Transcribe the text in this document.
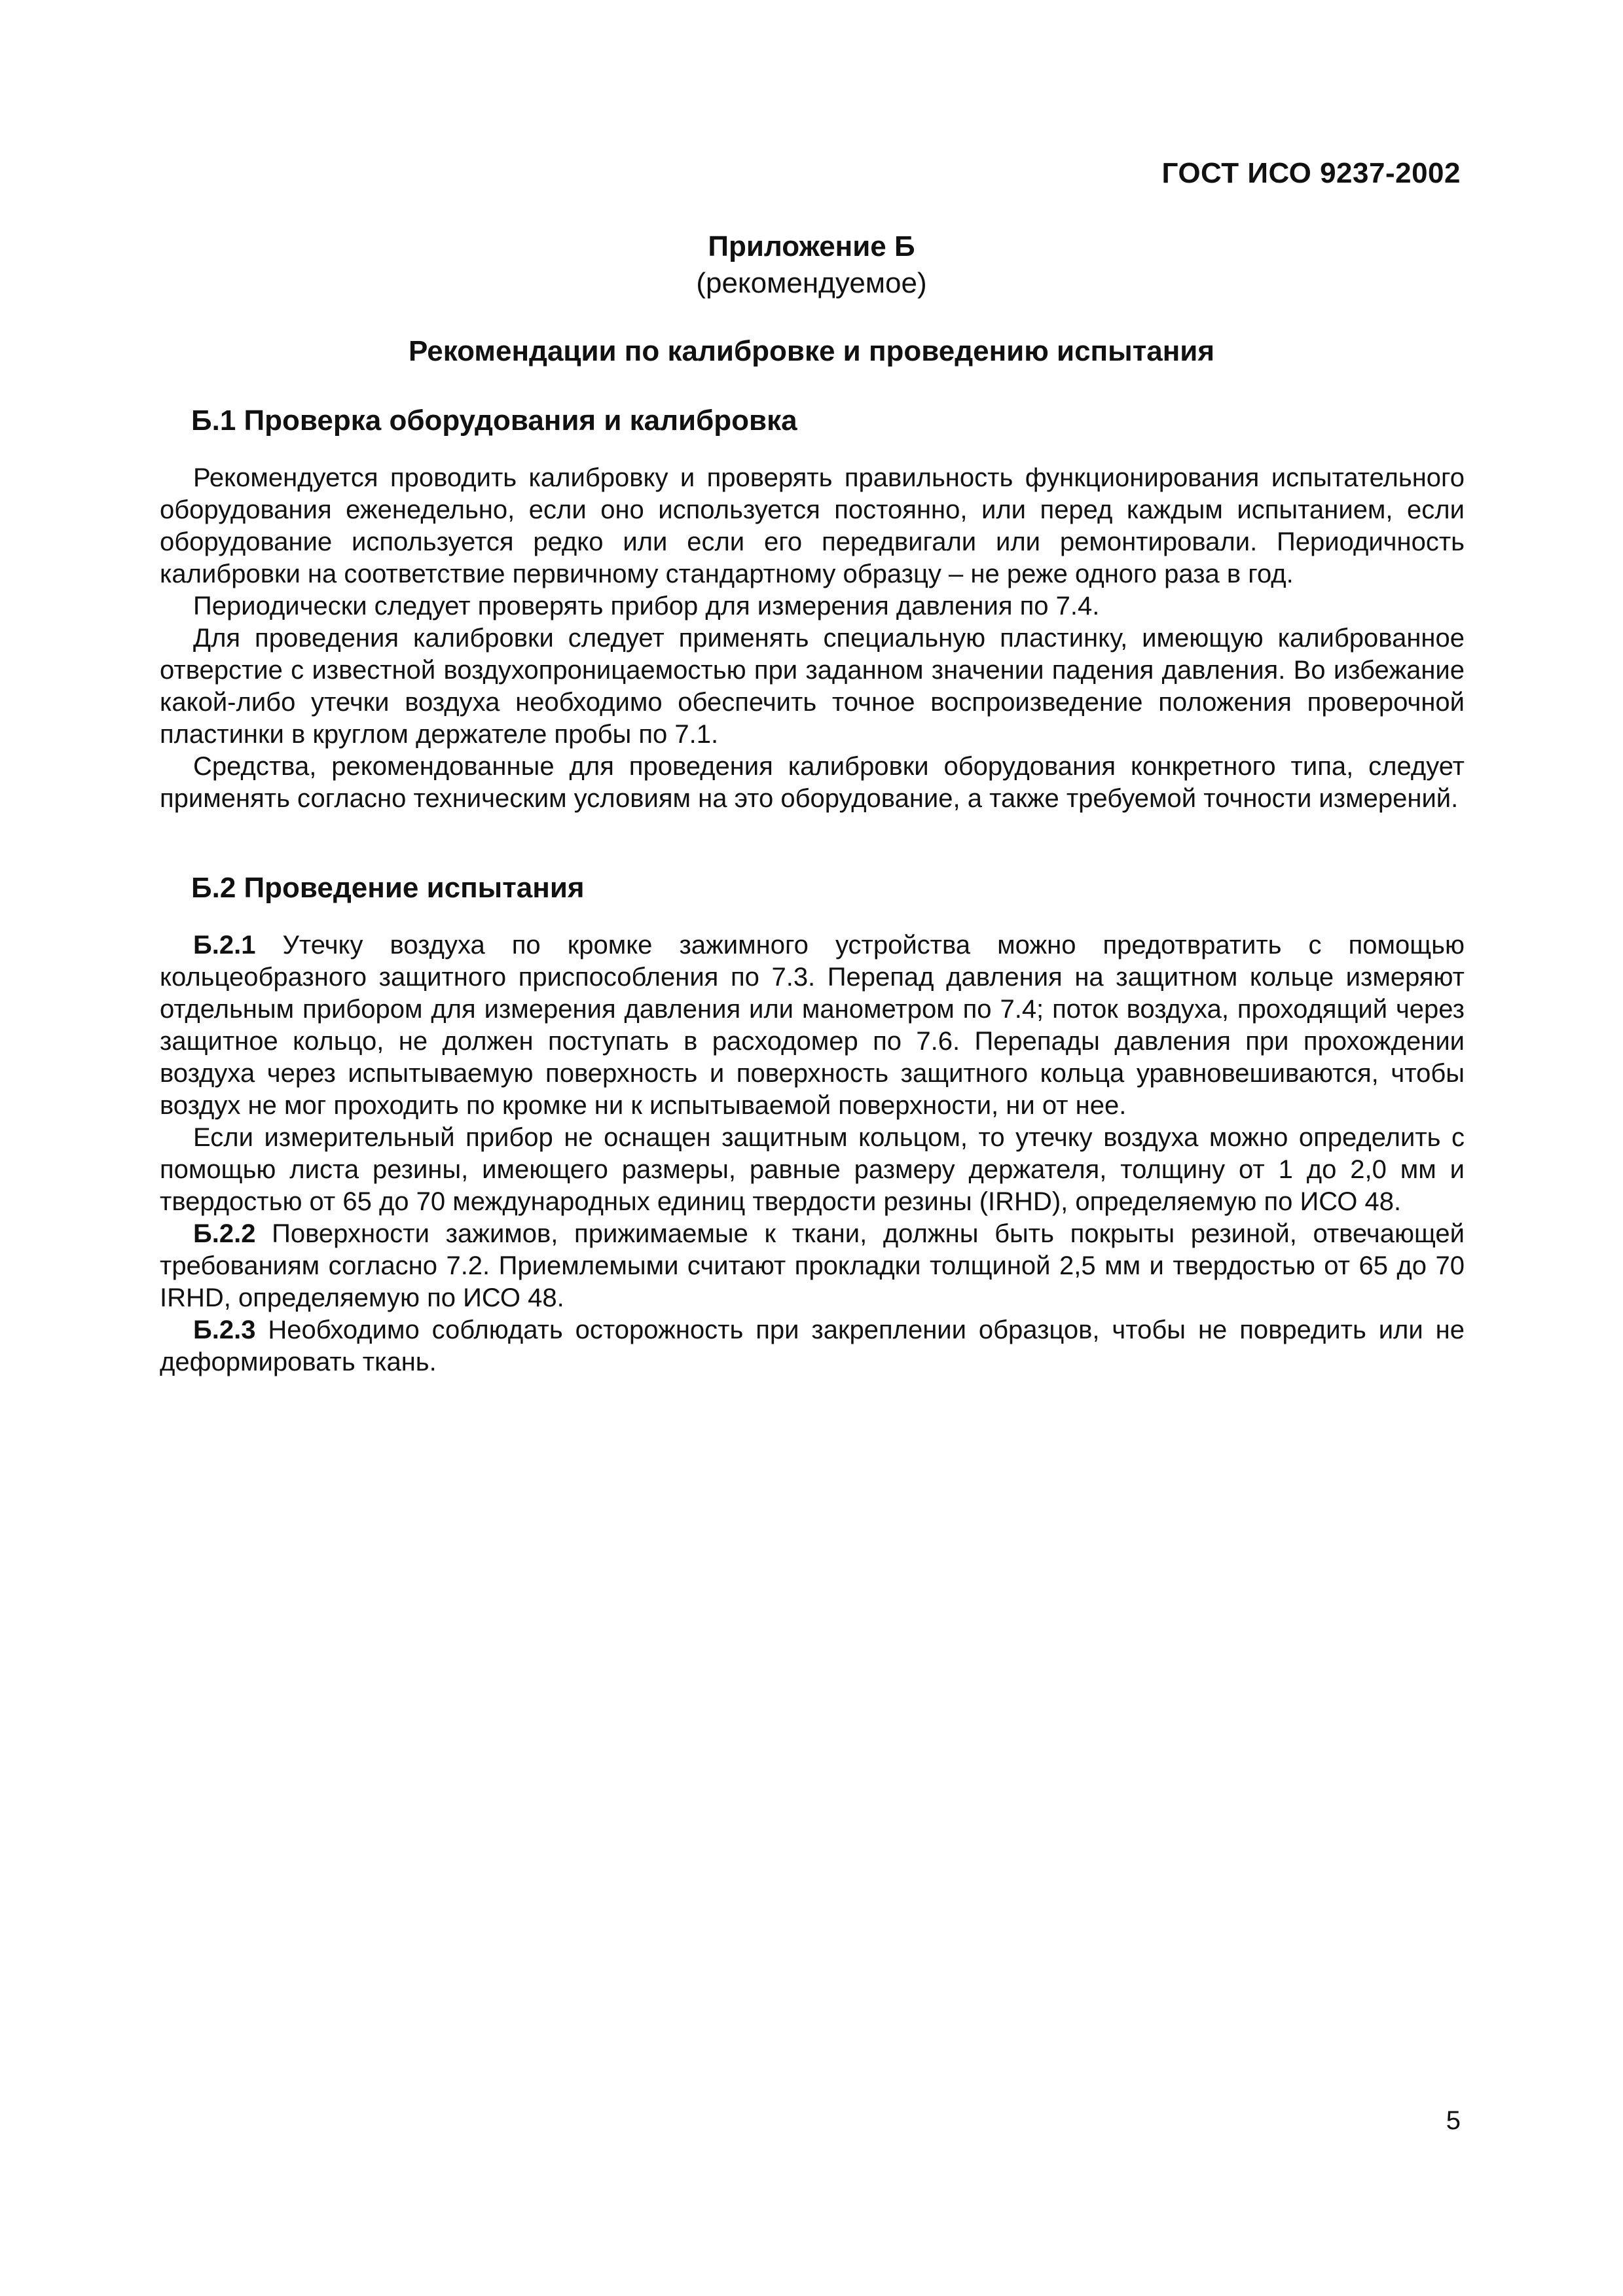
ГОСТ ИСО 9237-2002
Приложение Б
(рекомендуемое)
Рекомендации по калибровке и проведению испытания
Б.1 Проверка оборудования и калибровка

Рекомендуется проводить калибровку и проверять правильность функционирования испытательного оборудования еженедельно, если оно используется постоянно, или перед каждым испытанием, если оборудование используется редко или если его передвигали или ремонтировали. Периодичность калибровки на соответствие первичному стандартному образцу – не реже одного раза в год.

Периодически следует проверять прибор для измерения давления по 7.4.

Для проведения калибровки следует применять специальную пластинку, имеющую калиброванное отверстие с известной воздухопроницаемостью при заданном значении падения давления. Во избежание какой-либо утечки воздуха необходимо обеспечить точное воспроизведение положения проверочной пластинки в круглом держателе пробы по 7.1.

Средства, рекомендованные для проведения калибровки оборудования конкретного типа, следует применять согласно техническим условиям на это оборудование, а также требуемой точности измерений.

Б.2 Проведение испытания

Б.2.1 Утечку воздуха по кромке зажимного устройства можно предотвратить с помощью кольцеобразного защитного приспособления по 7.3. Перепад давления на защитном кольце измеряют отдельным прибором для измерения давления или манометром по 7.4; поток воздуха, проходящий через защитное кольцо, не должен поступать в расходомер по 7.6. Перепады давления при прохождении воздуха через испытываемую поверхность и поверхность защитного кольца уравновешиваются, чтобы воздух не мог проходить по кромке ни к испытываемой поверхности, ни от нее.

Если измерительный прибор не оснащен защитным кольцом, то утечку воздуха можно определить с помощью листа резины, имеющего размеры, равные размеру держателя, толщину от 1 до 2,0 мм и твердостью от 65 до 70 международных единиц твердости резины (IRHD), определяемую по ИСО 48.

Б.2.2 Поверхности зажимов, прижимаемые к ткани, должны быть покрыты резиной, отвечающей требованиям согласно 7.2. Приемлемыми считают прокладки толщиной 2,5 мм и твердостью от 65 до 70 IRHD, определяемую по ИСО 48.

Б.2.3 Необходимо соблюдать осторожность при закреплении образцов, чтобы не повредить или не деформировать ткань.

5
